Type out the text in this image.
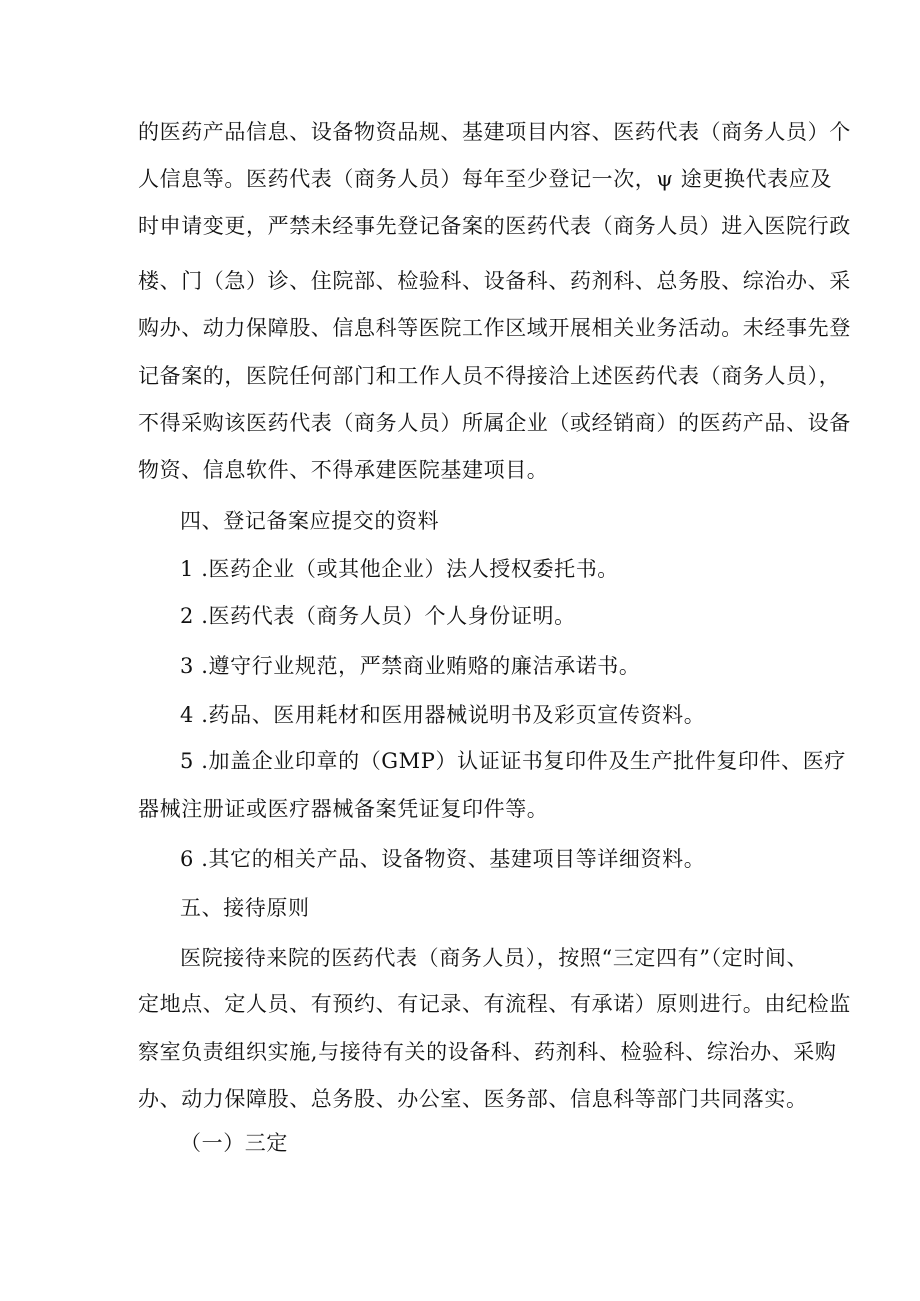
的医药产品信息、设备物资品规、基建项目内容、医药代表（商务人员）个
人信息等。医药代表（商务人员）每年至少登记一次，ψ 途更换代表应及
时申请变更，严禁未经事先登记备案的医药代表（商务人员）进入医院行政
楼、门（急）诊、住院部、检验科、设备科、药剂科、总务股、综治办、采
购办、动力保障股、信息科等医院工作区域开展相关业务活动。未经事先登
记备案的，医院任何部门和工作人员不得接洽上述医药代表（商务人员），
不得采购该医药代表（商务人员）所属企业（或经销商）的医药产品、设备
物资、信息软件、不得承建医院基建项目。
四、登记备案应提交的资料
1 .医药企业（或其他企业）法人授权委托书。
2 .医药代表（商务人员）个人身份证明。
3 .遵守行业规范，严禁商业贿赂的廉洁承诺书。
4 .药品、医用耗材和医用器械说明书及彩页宣传资料。
5 .加盖企业印章的（GMP）认证证书复印件及生产批件复印件、医疗
器械注册证或医疗器械备案凭证复印件等。
6 .其它的相关产品、设备物资、基建项目等详细资料。
五、接待原则
医院接待来院的医药代表（商务人员），按照“三定四有”（定时间、
定地点、定人员、有预约、有记录、有流程、有承诺）原则进行。由纪检监
察室负责组织实施,与接待有关的设备科、药剂科、检验科、综治办、采购
办、动力保障股、总务股、办公室、医务部、信息科等部门共同落实。
（一）三定
